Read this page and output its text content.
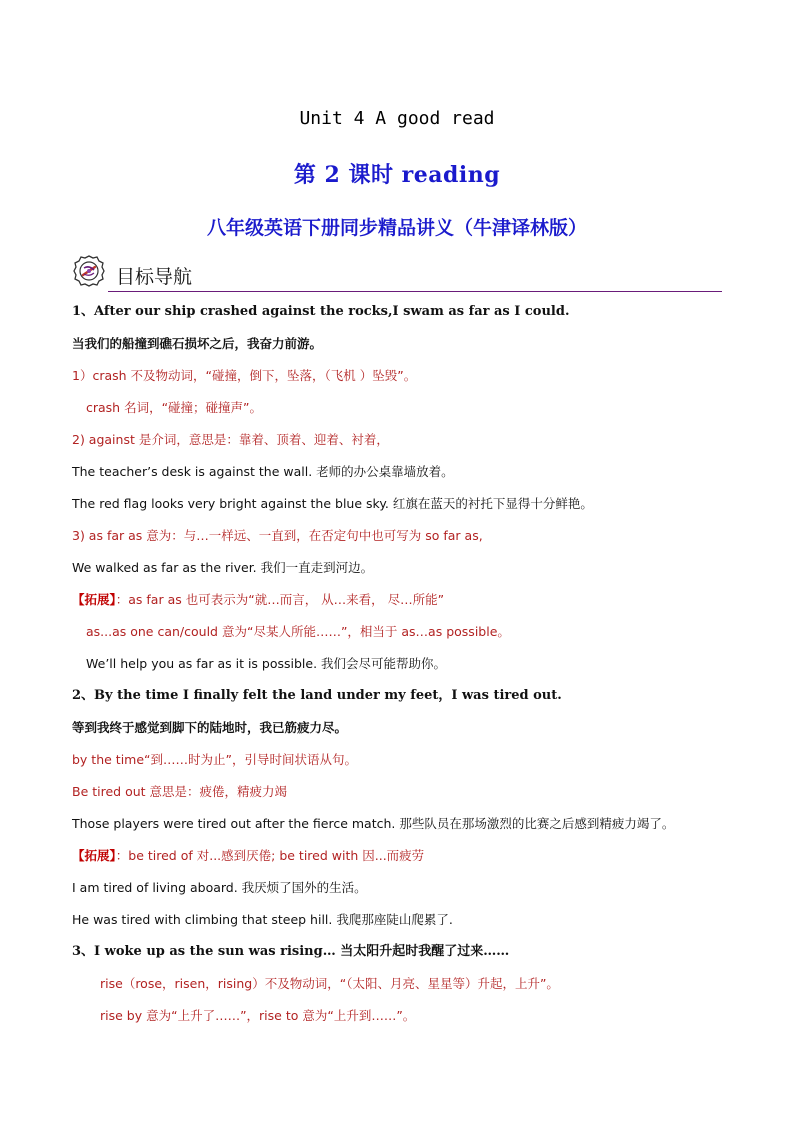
Unit 4 A good read
第 2 课时 reading
八年级英语下册同步精品讲义（牛津译林版）
目标导航
1、After our ship crashed against the rocks,I swam as far as I could.
当我们的船撞到礁石损坏之后，我奋力前游。
1）crash 不及物动词，“碰撞，倒下，坠落，（飞机 ）坠毁”。
crash 名词，“碰撞；碰撞声”。
2) against 是介词，意思是：靠着、顶着、迎着、衬着，
The teacher’s desk is against the wall. 老师的办公桌靠墙放着。
The red flag looks very bright against the blue sky. 红旗在蓝天的衬托下显得十分鲜艳。
3) as far as 意为：与…一样远、一直到，在否定句中也可写为 so far as,
We walked as far as the river. 我们一直走到河边。
【拓展】：as far as 也可表示为“就…而言， 从…来看， 尽…所能”
as...as one can/could 意为“尽某人所能……”，相当于 as…as possible。
We’ll help you as far as it is possible. 我们会尽可能帮助你。
2、By the time I finally felt the land under my feet，I was tired out.
等到我终于感觉到脚下的陆地时，我已筋疲力尽。
by the time“到……时为止”，引导时间状语从句。
Be tired out 意思是：疲倦，精疲力竭
Those players were tired out after the fierce match. 那些队员在那场激烈的比赛之后感到精疲力竭了。
【拓展】：be tired of 对...感到厌倦; be tired with 因...而疲劳
I am tired of living aboard. 我厌烦了国外的生活。
He was tired with climbing that steep hill. 我爬那座陡山爬累了.
3、I woke up as the sun was rising… 当太阳升起时我醒了过来……
rise（rose，risen，rising）不及物动词，“（太阳、月亮、星星等）升起，上升”。
rise by 意为“上升了……”，rise to 意为“上升到……”。
